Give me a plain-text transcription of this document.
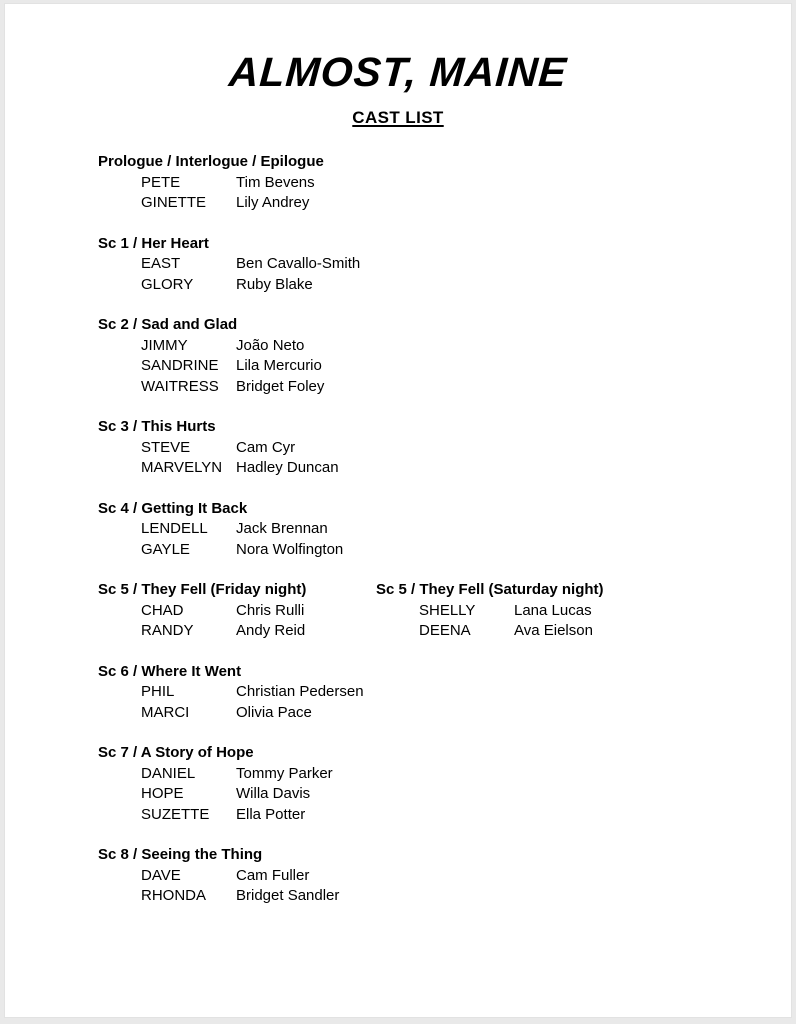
ALMOST, MAINE
CAST LIST
Prologue / Interlogue / Epilogue
PETE	Tim Bevens
GINETTE	Lily Andrey
Sc 1 / Her Heart
EAST	Ben Cavallo-Smith
GLORY	Ruby Blake
Sc 2 / Sad and Glad
JIMMY	João Neto
SANDRINE	Lila Mercurio
WAITRESS	Bridget Foley
Sc 3 / This Hurts
STEVE	Cam Cyr
MARVELYN Hadley Duncan
Sc 4 / Getting It Back
LENDELL	Jack Brennan
GAYLE	Nora Wolfington
Sc 5 / They Fell (Friday night)
CHAD	Chris Rulli
RANDY	Andy Reid
Sc 5 / They Fell (Saturday night)
SHELLY	Lana Lucas
DEENA	Ava Eielson
Sc 6 / Where It Went
PHIL	Christian Pedersen
MARCI	Olivia Pace
Sc 7 / A Story of Hope
DANIEL	Tommy Parker
HOPE	Willa Davis
SUZETTE	Ella Potter
Sc 8 / Seeing the Thing
DAVE	Cam Fuller
RHONDA	Bridget Sandler
